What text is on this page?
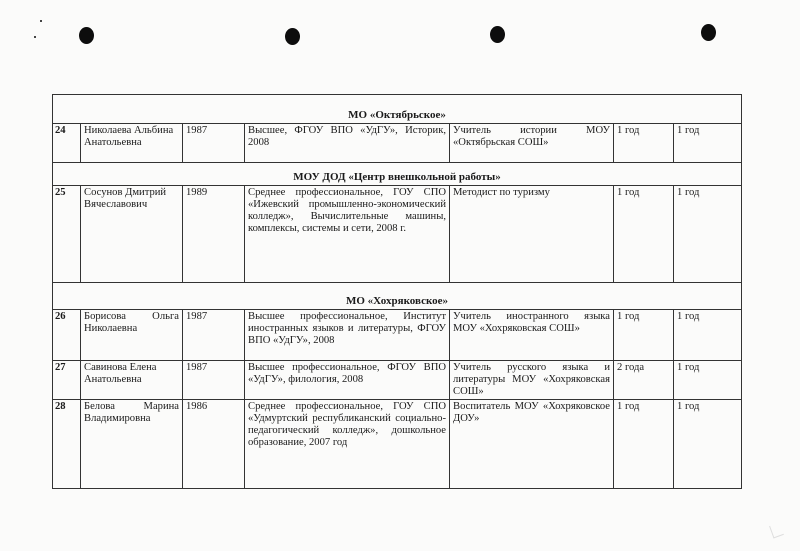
МО «Октябрьское»						
24	Николаева Альбина Анатольевна	1987	Высшее, ФГОУ ВПО «УдГУ», Историк, 2008	Учитель истории МОУ «Октябрьская СОШ»	1 год	1 год
МОУ ДОД «Центр внешкольной работы»						
25	Сосунов Дмитрий Вячеславович	1989	Среднее профессиональное, ГОУ СПО «Ижевский промышленно-экономический колледж», Вычислительные машины, комплексы, системы и сети, 2008 г.	Методист по туризму	1 год	1 год
МО «Хохряковское»						
26	Борисова Ольга Николаевна	1987	Высшее профессиональное, Институт иностранных языков и литературы, ФГОУ ВПО «УдГУ», 2008	Учитель иностранного языка МОУ «Хохряковская СОШ»	1 год	1 год
27	Савинова Елена Анатольевна	1987	Высшее профессиональное, ФГОУ ВПО «УдГУ», филология, 2008	Учитель русского языка и литературы МОУ «Хохряковская СОШ»	2 года	1 год
28	Белова Марина Владимировна	1986	Среднее профессиональное, ГОУ СПО «Удмуртский республиканский социально-педагогический колледж», дошкольное образование, 2007 год	Воспитатель МОУ «Хохряковское ДОУ»	1 год	1 год
